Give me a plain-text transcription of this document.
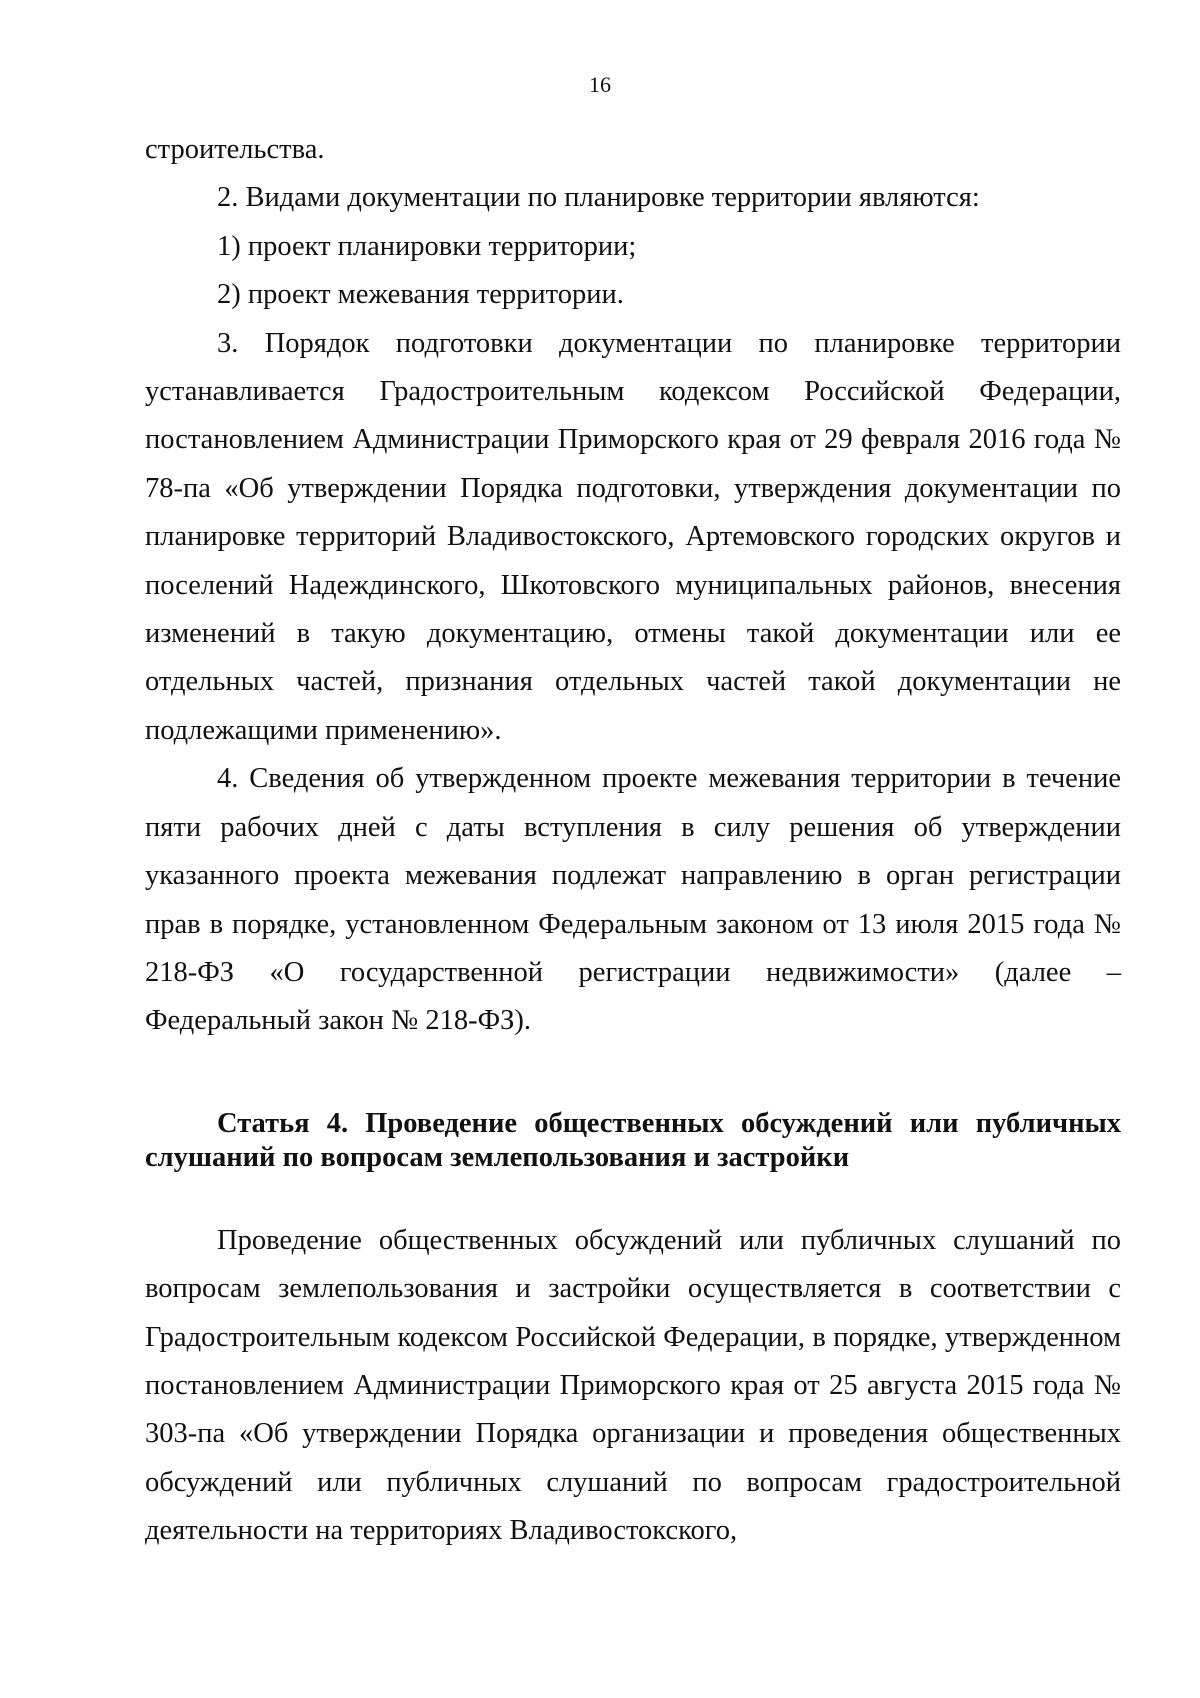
16

строительства.

2. Видами документации по планировке территории являются:

1) проект планировки территории;

2) проект межевания территории.

3. Порядок подготовки документации по планировке территории устанавливается Градостроительным кодексом Российской Федерации, постановлением Администрации Приморского края от 29 февраля 2016 года № 78-па «Об утверждении Порядка подготовки, утверждения документации по планировке территорий Владивостокского, Артемовского городских округов и поселений Надеждинского, Шкотовского муниципальных районов, внесения изменений в такую документацию, отмены такой документации или ее отдельных частей, признания отдельных частей такой документации не подлежащими применению».

4. Сведения об утвержденном проекте межевания территории в течение пяти рабочих дней с даты вступления в силу решения об утверждении указанного проекта межевания подлежат направлению в орган регистрации прав в порядке, установленном Федеральным законом от 13 июля 2015 года № 218-ФЗ «О государственной регистрации недвижимости» (далее – Федеральный закон № 218-ФЗ).

Статья 4. Проведение общественных обсуждений или публичных слушаний по вопросам землепользования и застройки

Проведение общественных обсуждений или публичных слушаний по вопросам землепользования и застройки осуществляется в соответствии с Градостроительным кодексом Российской Федерации, в порядке, утвержденном постановлением Администрации Приморского края от 25 августа 2015 года № 303-па «Об утверждении Порядка организации и проведения общественных обсуждений или публичных слушаний по вопросам градостроительной деятельности на территориях Владивостокского,
